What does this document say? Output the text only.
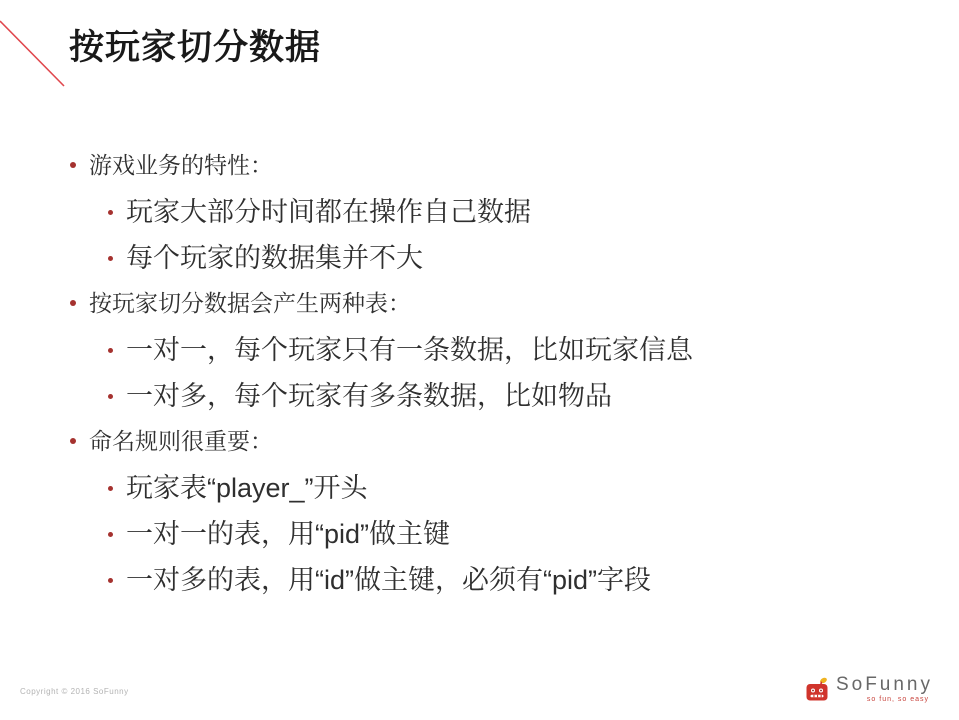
按玩家切分数据
游戏业务的特性：
玩家大部分时间都在操作自己数据
每个玩家的数据集并不大
按玩家切分数据会产生两种表：
一对一，每个玩家只有一条数据，比如玩家信息
一对多，每个玩家有多条数据，比如物品
命名规则很重要：
玩家表“player_”开头
一对一的表，用“pid”做主键
一对多的表，用“id”做主键，必须有“pid”字段
Copyright © 2016 SoFunny	SoFunny
so fun, so easy
